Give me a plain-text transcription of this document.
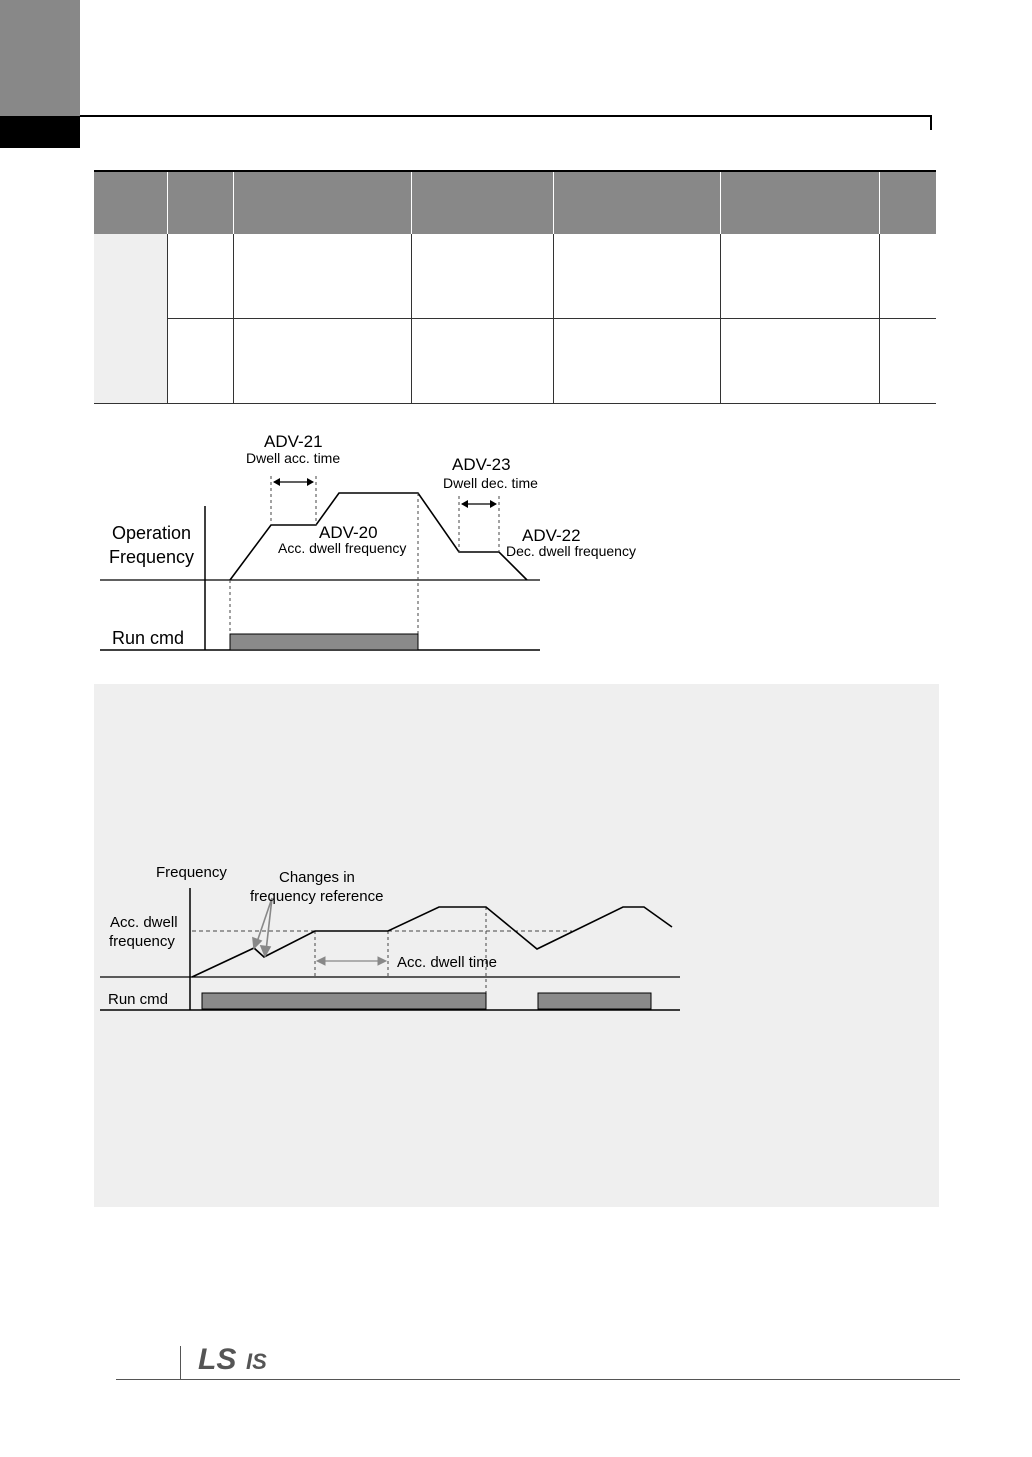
ADV-21
Dwell acc. time	ADV-23
Dwell dec. time
ADV-20
Acc. dwell frequency
ADV-22
Dec. dwell frequency
Operation
Frequency
Run cmd
Frequency	Changes in
frequency reference
Acc. dwell
frequency
Acc. dwell time
Run cmd
LS IS
